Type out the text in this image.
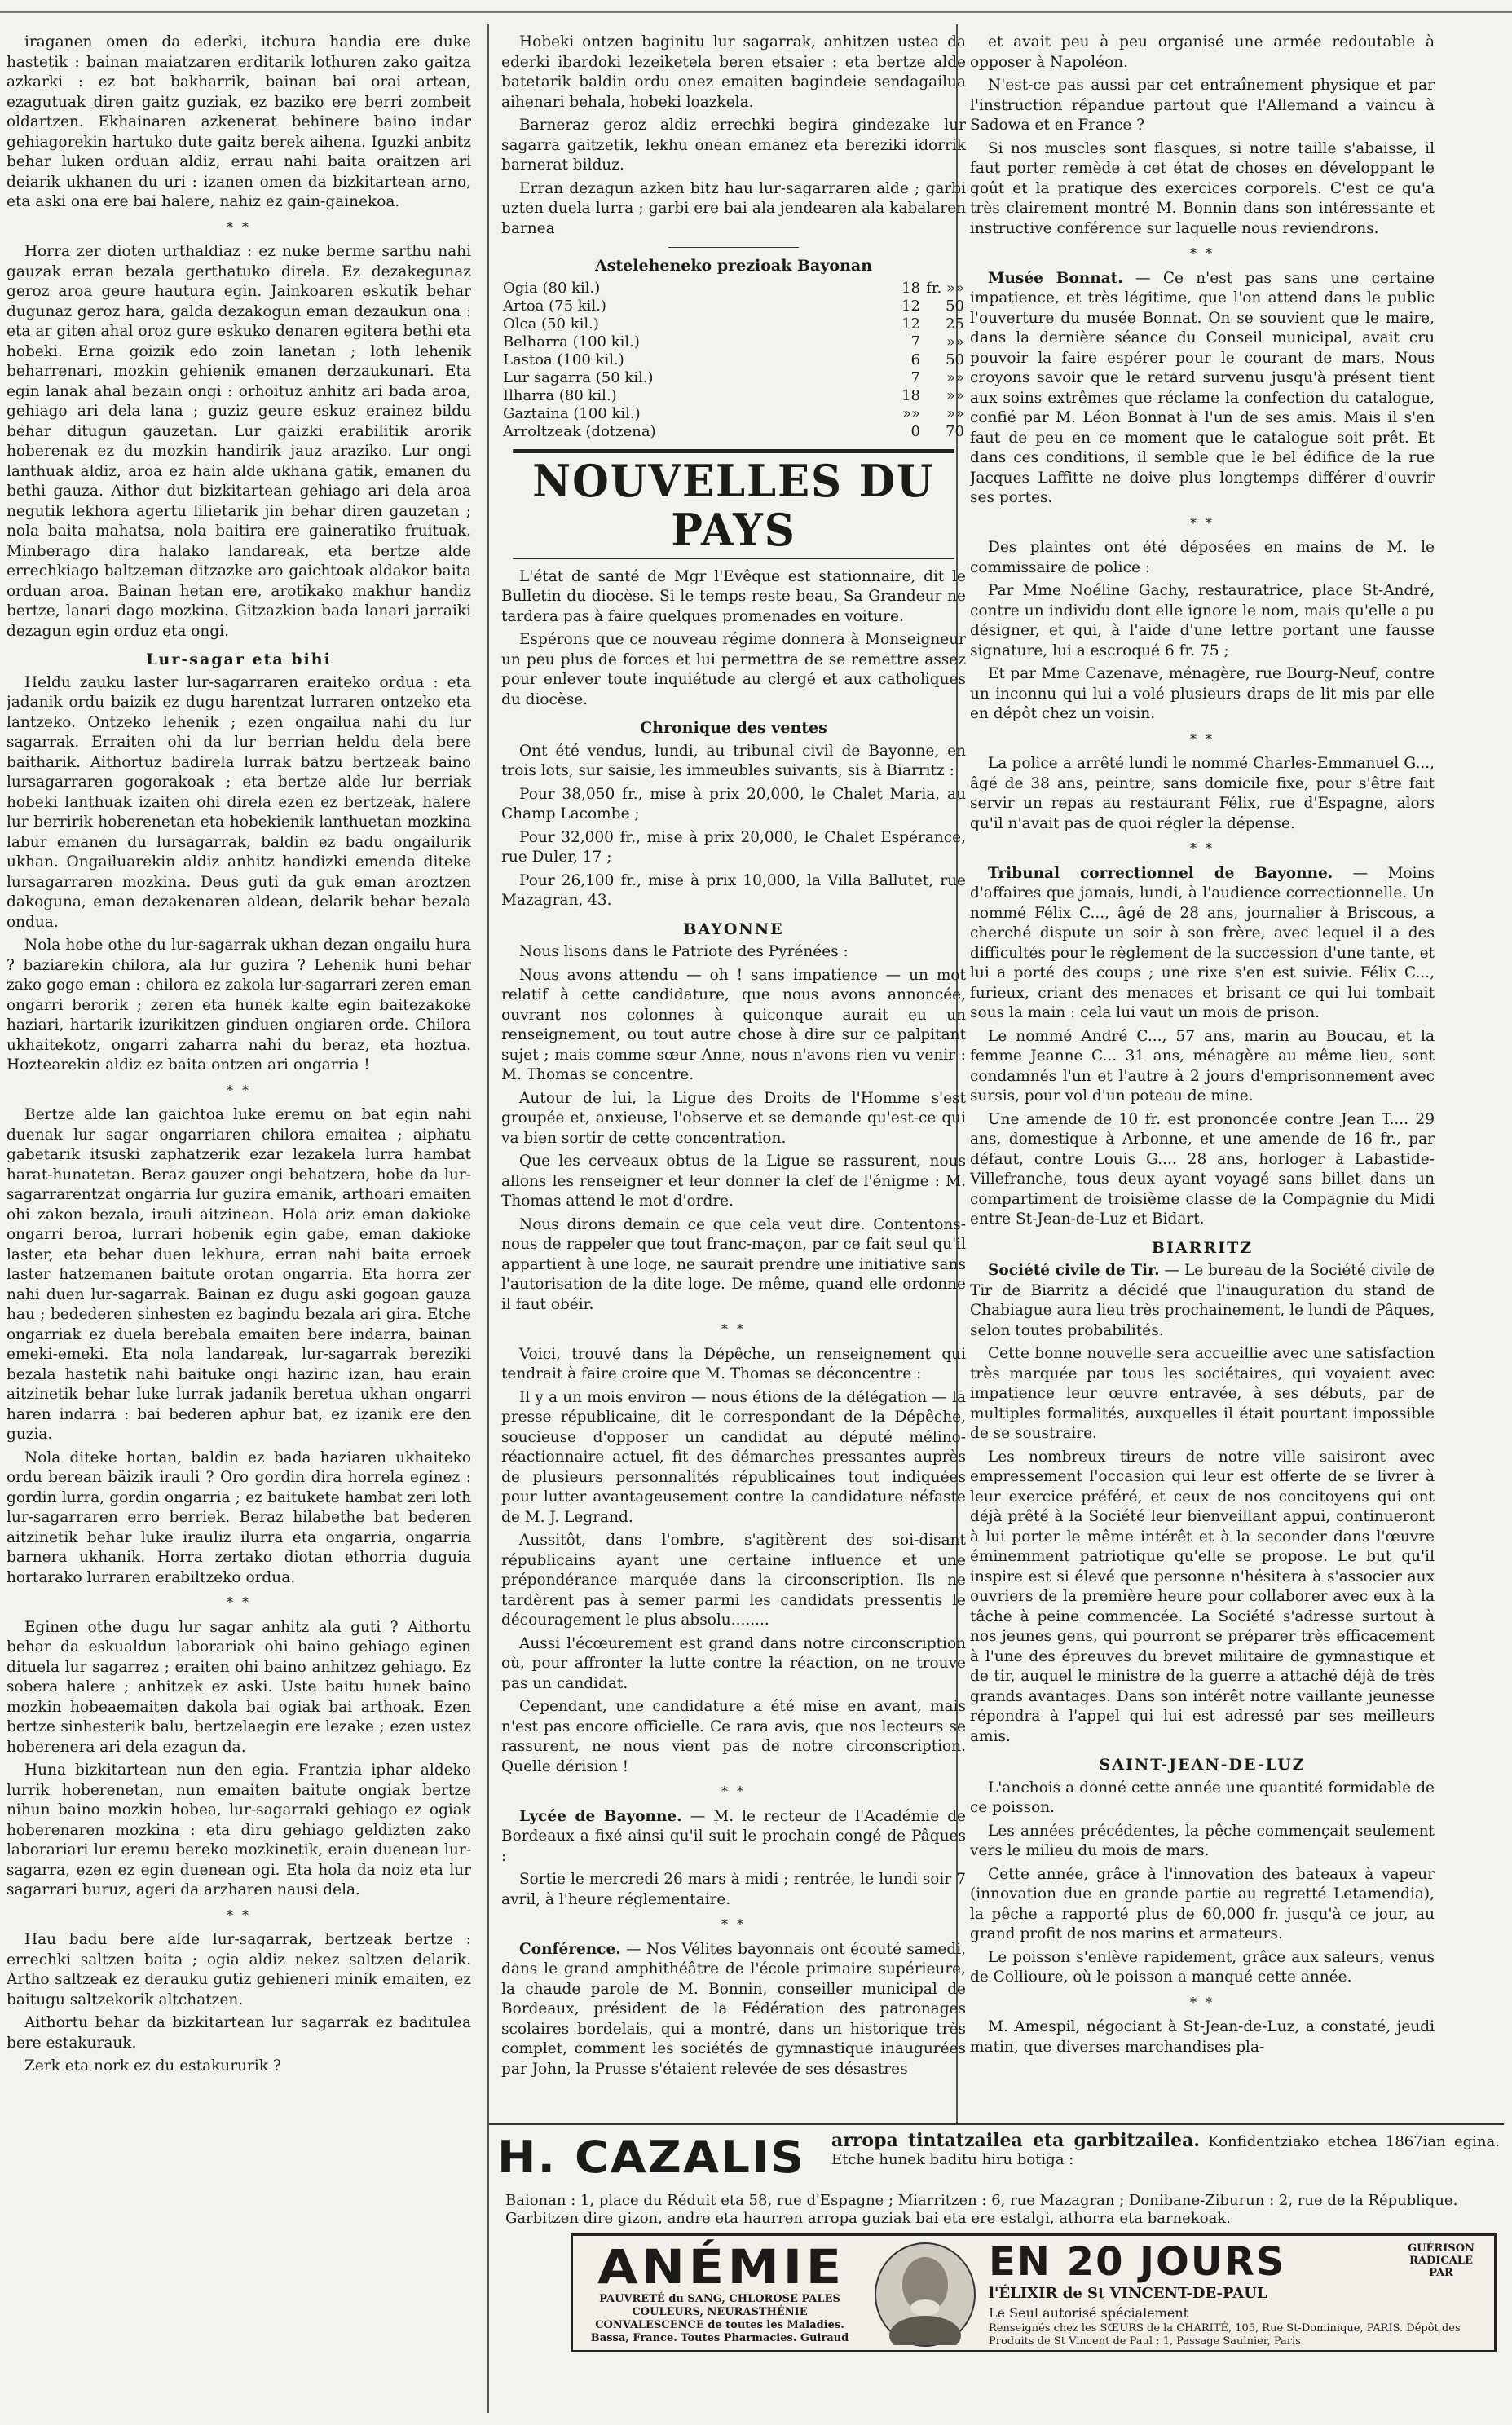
iraganen omen da ederki, itchura handia ere duke hastetik : bainan maiatzaren erditarik lothuren zako gaitza azkarki : ez bat bakharrik, bainan bai orai artean, ezagutuak diren gaitz guziak, ez baziko ere berri zombeit oldartzen. Ekhainaren azkenerat behinere baino indar gehiagorekin hartuko dute gaitz berek aihena. Iguzki anbitz behar luken orduan aldiz, errau nahi baita oraitzen ari deiarik ukhanen du uri : izanen omen da bizkitartean arno, eta aski ona ere bai halere, nahiz ez gain-gainekoa.

* *

Horra zer dioten urthaldiaz : ez nuke berme sarthu nahi gauzak erran bezala gerthatuko direla. Ez dezakegunaz geroz aroa geure hautura egin. Jainkoaren eskutik behar dugunaz geroz hara, galda dezakogun eman dezaukun ona : eta ar giten ahal oroz gure eskuko denaren egitera bethi eta hobeki. Erna goizik edo zoin lanetan ; loth lehenik beharrenari, mozkin gehienik emanen derzaukunari. Eta egin lanak ahal bezain ongi : orhoituz anhitz ari bada aroa, gehiago ari dela lana ; guziz geure eskuz erainez bildu behar ditugun gauzetan. Lur gaizki erabilitik arorik hoberenak ez du mozkin handirik jauz araziko. Lur ongi lanthuak aldiz, aroa ez hain alde ukhana gatik, emanen du bethi gauza. Aithor dut bizkitartean gehiago ari dela aroa negutik lekhora agertu lilietarik jin behar diren gauzetan ; nola baita mahatsa, nola baitira ere gaineratiko fruituak. Minberago dira halako landareak, eta bertze alde errechkiago baltzeman ditzazke aro gaichtoak aldakor baita orduan aroa. Bainan hetan ere, arotikako makhur handiz bertze, lanari dago mozkina. Gitzazkion bada lanari jarraiki dezagun egin orduz eta ongi.

Lur-sagar eta bihi

Heldu zauku laster lur-sagarraren eraiteko ordua : eta jadanik ordu baizik ez dugu harentzat lurraren ontzeko eta lantzeko. Ontzeko lehenik ; ezen ongailua nahi du lur sagarrak. Erraiten ohi da lur berrian heldu dela bere baitharik. Aithortuz badirela lurrak batzu bertzeak baino lursagarraren gogorakoak ; eta bertze alde lur berriak hobeki lanthuak izaiten ohi direla ezen ez bertzeak, halere lur berririk hoberenetan eta hobekienik lanthuetan mozkina labur emanen du lursagarrak, baldin ez badu ongailurik ukhan. Ongailuarekin aldiz anhitz handizki emenda diteke lursagarraren mozkina. Deus guti da guk eman aroztzen dakoguna, eman dezakenaren aldean, delarik behar bezala ondua.

Nola hobe othe du lur-sagarrak ukhan dezan ongailu hura ? baziarekin chilora, ala lur guzira ? Lehenik huni behar zako gogo eman : chilora ez zakola lur-sagarrari zeren eman ongarri berorik ; zeren eta hunek kalte egin baitezakoke haziari, hartarik izurikitzen ginduen ongiaren orde. Chilora ukhaitekotz, ongarri zaharra nahi du beraz, eta hoztua. Hoztearekin aldiz ez baita ontzen ari ongarria !

* *

Bertze alde lan gaichtoa luke eremu on bat egin nahi duenak lur sagar ongarriaren chilora emaitea ; aiphatu gabetarik itsuski zaphatzerik ezar lezakela lurra hambat harat-hunatetan. Beraz gauzer ongi behatzera, hobe da lur-sagarrarentzat ongarria lur guzira emanik, arthoari emaiten ohi zakon bezala, irauli aitzinean. Hola ariz eman dakioke ongarri beroa, lurrari hobenik egin gabe, eman dakioke laster, eta behar duen lekhura, erran nahi baita erroek laster hatzemanen baitute orotan ongarria. Eta horra zer nahi duen lur-sagarrak. Bainan ez dugu aski gogoan gauza hau ; bedederen sinhesten ez bagindu bezala ari gira. Etche ongarriak ez duela berebala emaiten bere indarra, bainan emeki-emeki. Eta nola landareak, lur-sagarrak bereziki bezala hastetik nahi baituke ongi haziric izan, hau erain aitzinetik behar luke lurrak jadanik beretua ukhan ongarri haren indarra : bai bederen aphur bat, ez izanik ere den guzia.

Nola diteke hortan, baldin ez bada haziaren ukhaiteko ordu berean bäizik irauli ? Oro gordin dira horrela eginez : gordin lurra, gordin ongarria ; ez baitukete hambat zeri loth lur-sagarraren erro berriek. Beraz hilabethe bat bederen aitzinetik behar luke irauliz ilurra eta ongarria, ongarria barnera ukhanik. Horra zertako diotan ethorria duguia hortarako lurraren erabiltzeko ordua.

* *

Eginen othe dugu lur sagar anhitz ala guti ? Aithortu behar da eskualdun laborariak ohi baino gehiago eginen dituela lur sagarrez ; eraiten ohi baino anhitzez gehiago. Ez sobera halere ; anhitzek ez aski. Uste baitu hunek baino mozkin hobeaemaiten dakola bai ogiak bai arthoak. Ezen bertze sinhesterik balu, bertzelaegin ere lezake ; ezen ustez hoberenera ari dela ezagun da.

Huna bizkitartean nun den egia. Frantzia iphar aldeko lurrik hoberenetan, nun emaiten baitute ongiak bertze nihun baino mozkin hobea, lur-sagarraki gehiago ez ogiak hoberenaren mozkina : eta diru gehiago geldizten zako laborariari lur eremu bereko mozkinetik, erain duenean lur-sagarra, ezen ez egin duenean ogi. Eta hola da noiz eta lur sagarrari buruz, ageri da arzharen nausi dela.

* *

Hau badu bere alde lur-sagarrak, bertzeak bertze : errechki saltzen baita ; ogia aldiz nekez saltzen delarik. Artho saltzeak ez derauku gutiz gehieneri minik emaiten, ez baitugu saltzekorik altchatzen.

Aithortu behar da bizkitartean lur sagarrak ez baditulea bere estakurauk.

Zerk eta nork ez du estakururik ?

Hobeki ontzen baginitu lur sagarrak, anhitzen ustea da ederki ibardoki lezeiketela beren etsaier : eta bertze alde batetarik baldin ordu onez emaiten bagindeie sendagailua aihenari behala, hobeki loazkela.

Barneraz geroz aldiz errechki begira gindezake lur sagarra gaitzetik, lekhu onean emanez eta bereziki idorrik barnerat bilduz.

Erran dezagun azken bitz hau lur-sagarraren alde ; garbi uzten duela lurra ; garbi ere bai ala jendearen ala kabalaren barnea

Asteleheneko prezioak Bayonan
Ogia (80 kil.)	18	fr. »»
Artoa (75 kil.)	12	50
Olca (50 kil.)	12	25
Belharra (100 kil.)	7	»»
Lastoa (100 kil.)	6	50
Lur sagarra (50 kil.)	7	»»
Ilharra (80 kil.)	18	»»
Gaztaina (100 kil.)	»»	»»
Arroltzeak (dotzena)	0	70
NOUVELLES DU PAYS

L'état de santé de Mgr l'Evêque est stationnaire, dit le Bulletin du diocèse. Si le temps reste beau, Sa Grandeur ne tardera pas à faire quelques promenades en voiture.

Espérons que ce nouveau régime donnera à Monseigneur un peu plus de forces et lui permettra de se remettre assez pour enlever toute inquiétude au clergé et aux catholiques du diocèse.

Chronique des ventes

Ont été vendus, lundi, au tribunal civil de Bayonne, en trois lots, sur saisie, les immeubles suivants, sis à Biarritz :

Pour 38,050 fr., mise à prix 20,000, le Chalet Maria, au Champ Lacombe ;

Pour 32,000 fr., mise à prix 20,000, le Chalet Espérance, rue Duler, 17 ;

Pour 26,100 fr., mise à prix 10,000, la Villa Ballutet, rue Mazagran, 43.

BAYONNE

Nous lisons dans le Patriote des Pyrénées :

Nous avons attendu — oh ! sans impatience — un mot relatif à cette candidature, que nous avons annoncée, ouvrant nos colonnes à quiconque aurait eu un renseignement, ou tout autre chose à dire sur ce palpitant sujet ; mais comme sœur Anne, nous n'avons rien vu venir : M. Thomas se concentre.

Autour de lui, la Ligue des Droits de l'Homme s'est groupée et, anxieuse, l'observe et se demande qu'est-ce qui va bien sortir de cette concentration.

Que les cerveaux obtus de la Ligue se rassurent, nous allons les renseigner et leur donner la clef de l'énigme : M. Thomas attend le mot d'ordre.

Nous dirons demain ce que cela veut dire. Contentons-nous de rappeler que tout franc-maçon, par ce fait seul qu'il appartient à une loge, ne saurait prendre une initiative sans l'autorisation de la dite loge. De même, quand elle ordonne il faut obéir.

* *

Voici, trouvé dans la Dépêche, un renseignement qui tendrait à faire croire que M. Thomas se déconcentre :

Il y a un mois environ — nous étions de la délégation — la presse républicaine, dit le correspondant de la Dépêche, soucieuse d'opposer un candidat au député mélino-réactionnaire actuel, fit des démarches pressantes auprès de plusieurs personnalités républicaines tout indiquées pour lutter avantageusement contre la candidature néfaste de M. J. Legrand.

Aussitôt, dans l'ombre, s'agitèrent des soi-disant républicains ayant une certaine influence et une prépondérance marquée dans la circonscription. Ils ne tardèrent pas à semer parmi les candidats pressentis le découragement le plus absolu........

Aussi l'écœurement est grand dans notre circonscription où, pour affronter la lutte contre la réaction, on ne trouve pas un candidat.

Cependant, une candidature a été mise en avant, mais n'est pas encore officielle. Ce rara avis, que nos lecteurs se rassurent, ne nous vient pas de notre circonscription. Quelle dérision !

* *

Lycée de Bayonne. — M. le recteur de l'Académie de Bordeaux a fixé ainsi qu'il suit le prochain congé de Pâques :

Sortie le mercredi 26 mars à midi ; rentrée, le lundi soir 7 avril, à l'heure réglementaire.

* *

Conférence. — Nos Vélites bayonnais ont écouté samedi, dans le grand amphithéâtre de l'école primaire supérieure, la chaude parole de M. Bonnin, conseiller municipal de Bordeaux, président de la Fédération des patronages scolaires bordelais, qui a montré, dans un historique très complet, comment les sociétés de gymnastique inaugurées par John, la Prusse s'étaient relevée de ses désastres

et avait peu à peu organisé une armée redoutable à opposer à Napoléon.

N'est-ce pas aussi par cet entraînement physique et par l'instruction répandue partout que l'Allemand a vaincu à Sadowa et en France ?

Si nos muscles sont flasques, si notre taille s'abaisse, il faut porter remède à cet état de choses en développant le goût et la pratique des exercices corporels. C'est ce qu'a très clairement montré M. Bonnin dans son intéressante et instructive conférence sur laquelle nous reviendrons.

* *

Musée Bonnat. — Ce n'est pas sans une certaine impatience, et très légitime, que l'on attend dans le public l'ouverture du musée Bonnat. On se souvient que le maire, dans la dernière séance du Conseil municipal, avait cru pouvoir la faire espérer pour le courant de mars. Nous croyons savoir que le retard survenu jusqu'à présent tient aux soins extrêmes que réclame la confection du catalogue, confié par M. Léon Bonnat à l'un de ses amis. Mais il s'en faut de peu en ce moment que le catalogue soit prêt. Et dans ces conditions, il semble que le bel édifice de la rue Jacques Laffitte ne doive plus longtemps différer d'ouvrir ses portes.

* *

Des plaintes ont été déposées en mains de M. le commissaire de police :

Par Mme Noéline Gachy, restauratrice, place St-André, contre un individu dont elle ignore le nom, mais qu'elle a pu désigner, et qui, à l'aide d'une lettre portant une fausse signature, lui a escroqué 6 fr. 75 ;

Et par Mme Cazenave, ménagère, rue Bourg-Neuf, contre un inconnu qui lui a volé plusieurs draps de lit mis par elle en dépôt chez un voisin.

* *

La police a arrêté lundi le nommé Charles-Emmanuel G..., âgé de 38 ans, peintre, sans domicile fixe, pour s'être fait servir un repas au restaurant Félix, rue d'Espagne, alors qu'il n'avait pas de quoi régler la dépense.

* *

Tribunal correctionnel de Bayonne. — Moins d'affaires que jamais, lundi, à l'audience correctionnelle. Un nommé Félix C..., âgé de 28 ans, journalier à Briscous, a cherché dispute un soir à son frère, avec lequel il a des difficultés pour le règlement de la succession d'une tante, et lui a porté des coups ; une rixe s'en est suivie. Félix C..., furieux, criant des menaces et brisant ce qui lui tombait sous la main : cela lui vaut un mois de prison.

Le nommé André C..., 57 ans, marin au Boucau, et la femme Jeanne C... 31 ans, ménagère au même lieu, sont condamnés l'un et l'autre à 2 jours d'emprisonnement avec sursis, pour vol d'un poteau de mine.

Une amende de 10 fr. est prononcée contre Jean T.... 29 ans, domestique à Arbonne, et une amende de 16 fr., par défaut, contre Louis G.... 28 ans, horloger à Labastide-Villefranche, tous deux ayant voyagé sans billet dans un compartiment de troisième classe de la Compagnie du Midi entre St-Jean-de-Luz et Bidart.

BIARRITZ

Société civile de Tir. — Le bureau de la Société civile de Tir de Biarritz a décidé que l'inauguration du stand de Chabiague aura lieu très prochainement, le lundi de Pâques, selon toutes probabilités.

Cette bonne nouvelle sera accueillie avec une satisfaction très marquée par tous les sociétaires, qui voyaient avec impatience leur œuvre entravée, à ses débuts, par de multiples formalités, auxquelles il était pourtant impossible de se soustraire.

Les nombreux tireurs de notre ville saisiront avec empressement l'occasion qui leur est offerte de se livrer à leur exercice préféré, et ceux de nos concitoyens qui ont déjà prêté à la Société leur bienveillant appui, continueront à lui porter le même intérêt et à la seconder dans l'œuvre éminemment patriotique qu'elle se propose. Le but qu'il inspire est si élevé que personne n'hésitera à s'associer aux ouvriers de la première heure pour collaborer avec eux à la tâche à peine commencée. La Société s'adresse surtout à nos jeunes gens, qui pourront se préparer très efficacement à l'une des épreuves du brevet militaire de gymnastique et de tir, auquel le ministre de la guerre a attaché déjà de très grands avantages. Dans son intérêt notre vaillante jeunesse répondra à l'appel qui lui est adressé par ses meilleurs amis.

SAINT-JEAN-DE-LUZ

L'anchois a donné cette année une quantité formidable de ce poisson.

Les années précédentes, la pêche commençait seulement vers le milieu du mois de mars.

Cette année, grâce à l'innovation des bateaux à vapeur (innovation due en grande partie au regretté Letamendia), la pêche a rapporté plus de 60,000 fr. jusqu'à ce jour, au grand profit de nos marins et armateurs.

Le poisson s'enlève rapidement, grâce aux saleurs, venus de Collioure, où le poisson a manqué cette année.

* *

M. Amespil, négociant à St-Jean-de-Luz, a constaté, jeudi matin, que diverses marchandises pla-

H. CAZALIS arropa tintatzailea eta garbitzailea. Konfidentziako etchea 1867ian egina. Etche hunek baditu hiru botiga :
Baionan : 1, place du Réduit eta 58, rue d'Espagne ; Miarritzen : 6, rue Mazagran ; Donibane-Ziburun : 2, rue de la République.
Garbitzen dire gizon, andre eta haurren arropa guziak bai eta ere estalgi, athorra eta barnekoak.
ANÉMIE
PAUVRETÉ du SANG, CHLOROSE PALES COULEURS, NEURASTHÉNIE CONVALESCENCE de toutes les Maladies. Bassa, France. Toutes Pharmacies. Guiraud
EN 20 JOURS	GUÉRISON RADICALE PAR
l'ÉLIXIR de St VINCENT-DE-PAUL
Le Seul autorisé spécialement
Renseignés chez les SŒURS de la CHARITÉ, 105, Rue St-Dominique, PARIS. Dépôt des Produits de St Vincent de Paul : 1, Passage Saulnier, Paris
